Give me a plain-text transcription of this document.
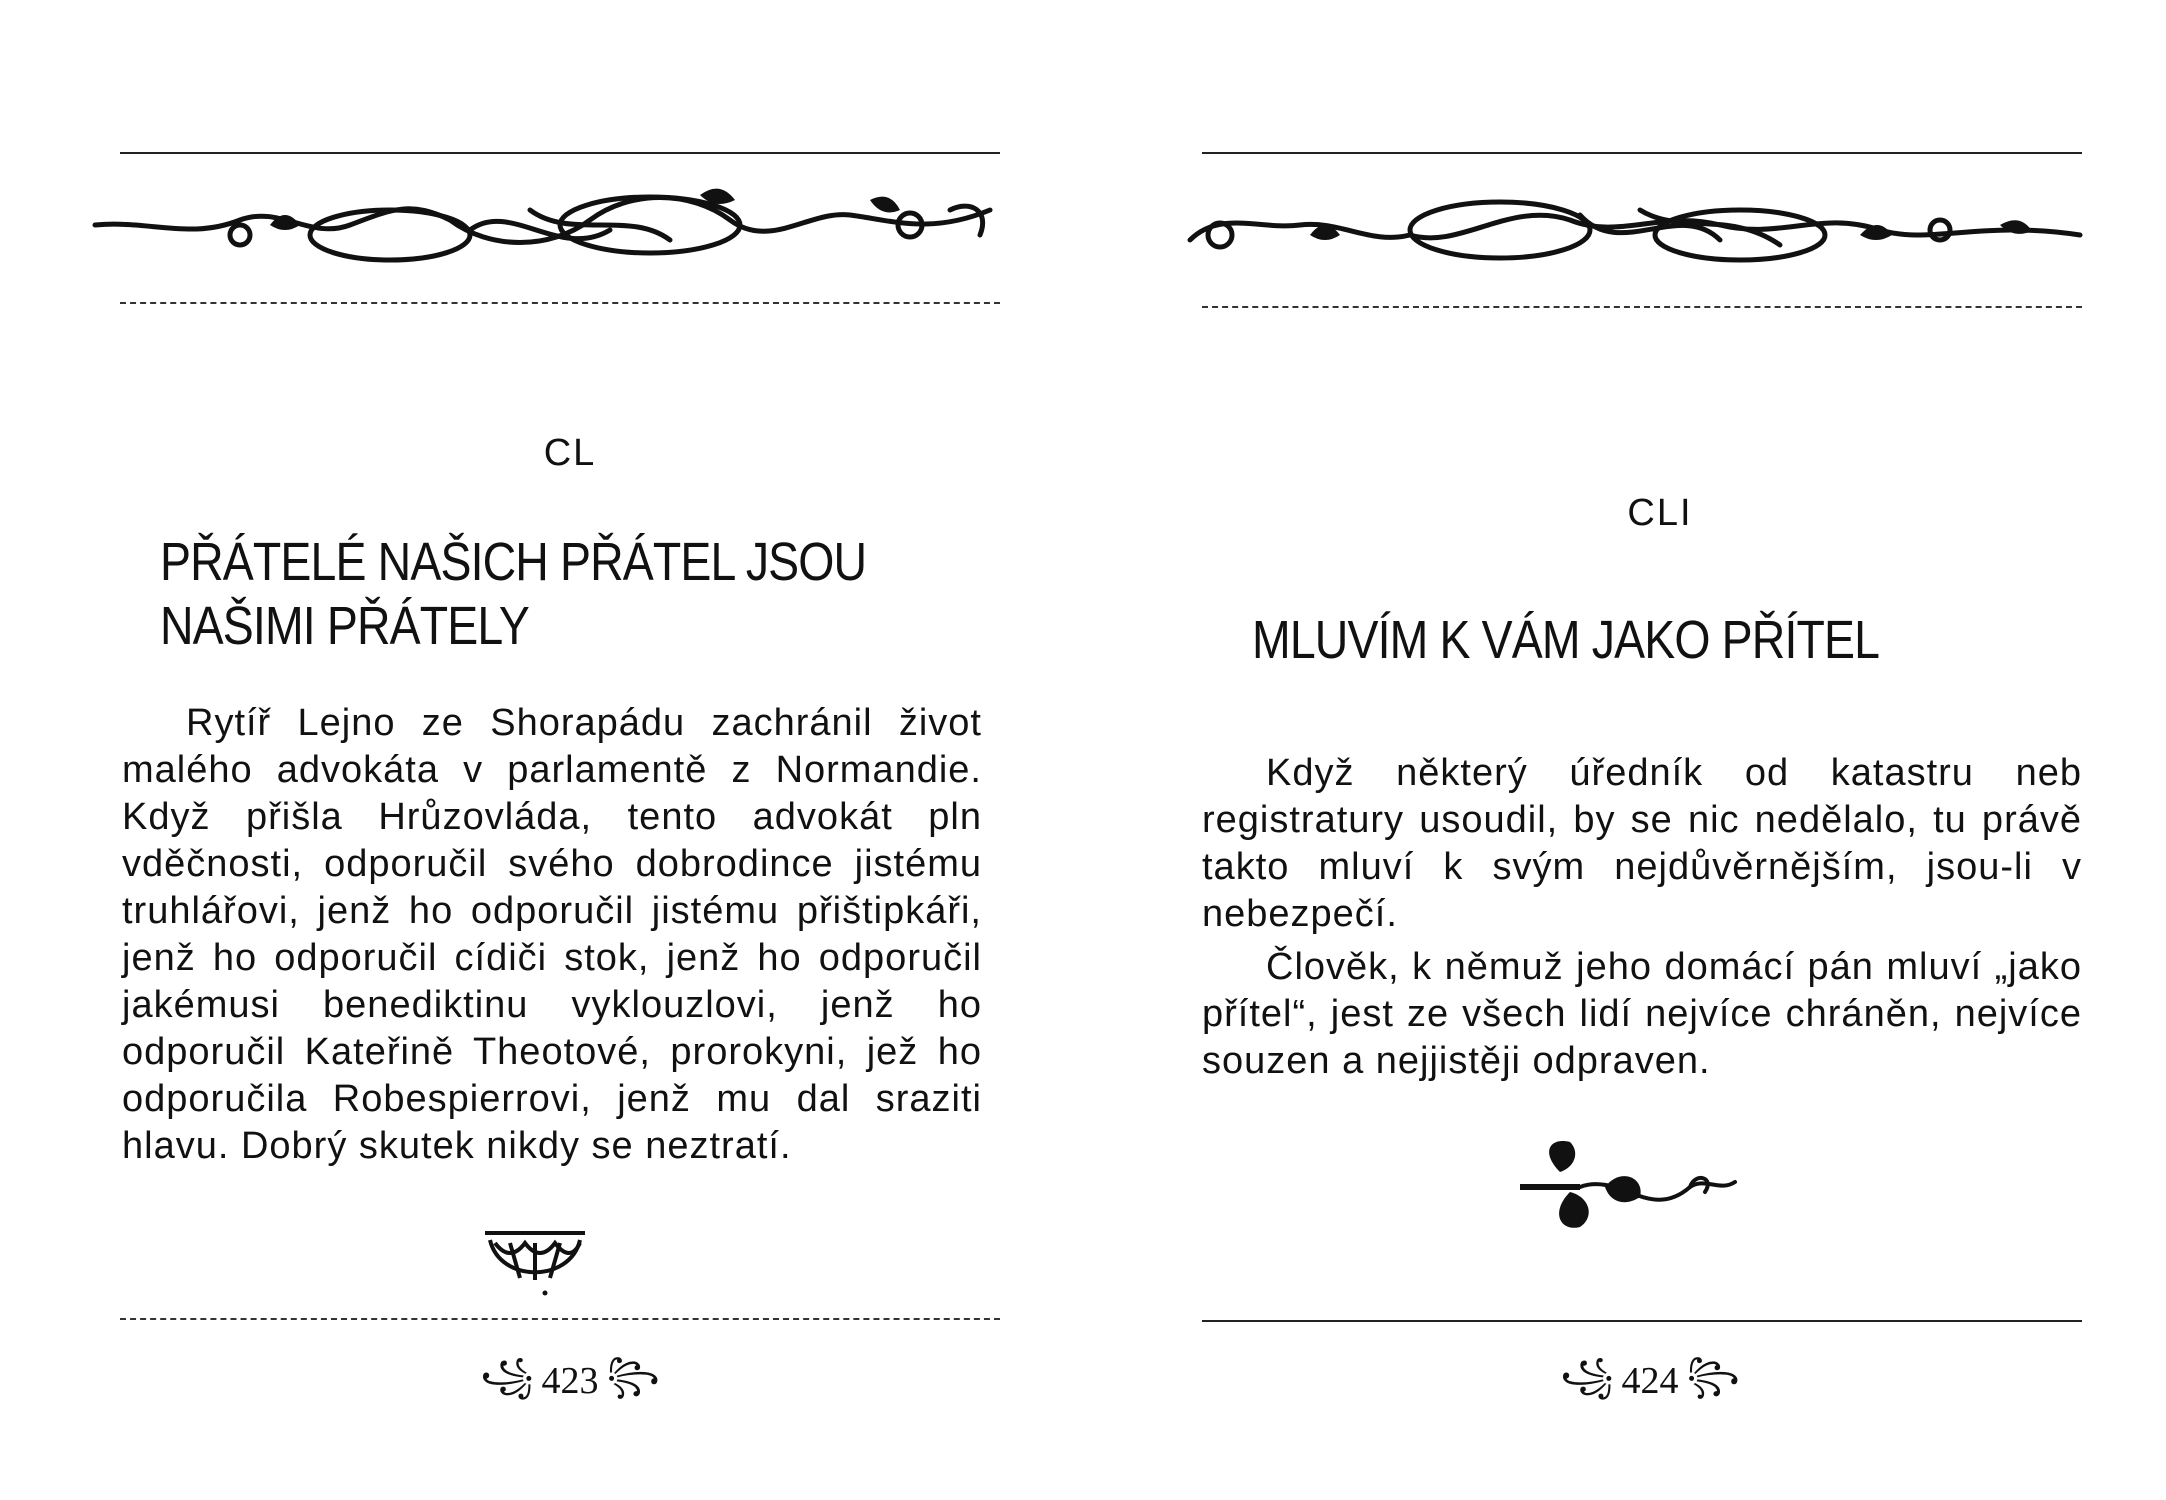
CL
PŘÁTELÉ NAŠICH PŘÁTEL JSOU
NAŠIMI PŘÁTELY

Rytíř Lejno ze Shorapádu zachránil život malého advokáta v parlamentě z Normandie. Když přišla Hrůzovláda, tento advokát pln vděčnosti, odporučil svého dobrodince jistému truhlářovi, jenž ho odporučil jistému přištipkáři, jenž ho odporučil cídiči stok, jenž ho odporučil jakémusi benediktinu vyklouzlovi, jenž ho odporučil Kateřině Theotové, prorokyni, jež ho odporučila Robespierrovi, jenž mu dal sraziti hlavu. Dobrý skutek nikdy se neztratí.

꧁ 423 ꧂
CLI
MLUVÍM K VÁM JAKO PŘÍTEL

Když některý úředník od katastru neb registratury usoudil, by se nic nedělalo, tu právě takto mluví k svým nejdůvěrnějším, jsou-li v nebezpečí.

Člověk, k němuž jeho domácí pán mluví „jako přítel“, jest ze všech lidí nejvíce chráněn, nejvíce souzen a nejjistěji odpraven.

꧁ 424 ꧂
